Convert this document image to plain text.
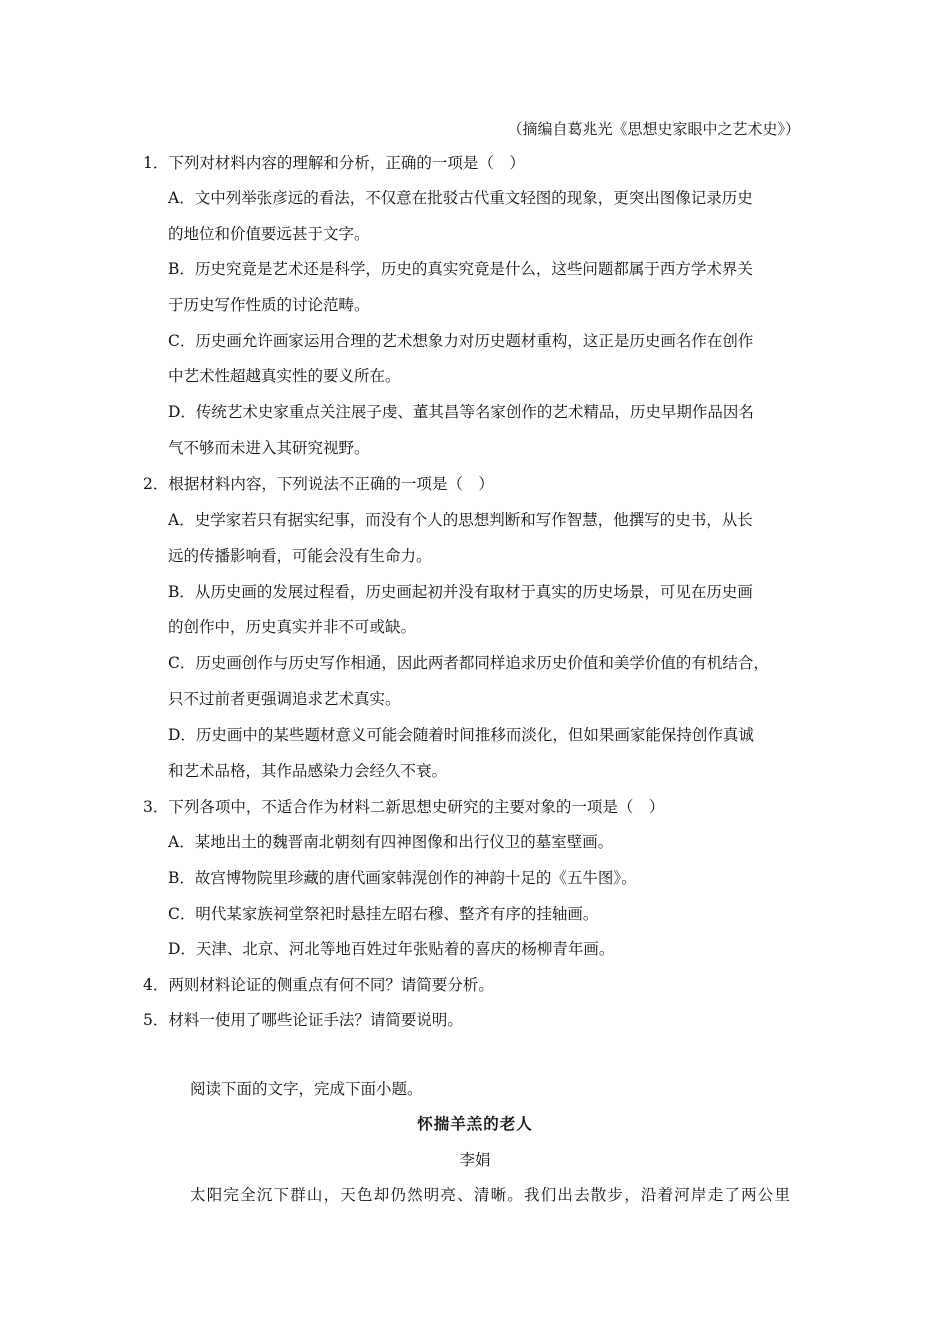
（摘编自葛兆光《思想史家眼中之艺术史》）
1．下列对材料内容的理解和分析，正确的一项是（　）
A．文中列举张彦远的看法，不仅意在批驳古代重文轻图的现象，更突出图像记录历史
的地位和价值要远甚于文字。
B．历史究竟是艺术还是科学，历史的真实究竟是什么，这些问题都属于西方学术界关
于历史写作性质的讨论范畴。
C．历史画允许画家运用合理的艺术想象力对历史题材重构，这正是历史画名作在创作
中艺术性超越真实性的要义所在。
D．传统艺术史家重点关注展子虔、董其昌等名家创作的艺术精品，历史早期作品因名
气不够而未进入其研究视野。
2．根据材料内容，下列说法不正确的一项是（　）
A．史学家若只有据实纪事，而没有个人的思想判断和写作智慧，他撰写的史书，从长
远的传播影响看，可能会没有生命力。
B．从历史画的发展过程看，历史画起初并没有取材于真实的历史场景，可见在历史画
的创作中，历史真实并非不可或缺。
C．历史画创作与历史写作相通，因此两者都同样追求历史价值和美学价值的有机结合，
只不过前者更强调追求艺术真实。
D．历史画中的某些题材意义可能会随着时间推移而淡化，但如果画家能保持创作真诚
和艺术品格，其作品感染力会经久不衰。
3．下列各项中，不适合作为材料二新思想史研究的主要对象的一项是（　）
A．某地出土的魏晋南北朝刻有四神图像和出行仪卫的墓室壁画。
B．故宫博物院里珍藏的唐代画家韩滉创作的神韵十足的《五牛图》。
C．明代某家族祠堂祭祀时悬挂左昭右穆、整齐有序的挂轴画。
D．天津、北京、河北等地百姓过年张贴着的喜庆的杨柳青年画。
4．两则材料论证的侧重点有何不同？请简要分析。
5．材料一使用了哪些论证手法？请简要说明。
阅读下面的文字，完成下面小题。
怀揣羊羔的老人
李娟
太阳完全沉下群山，天色却仍然明亮、清晰。我们出去散步，沿着河岸走了两公里
